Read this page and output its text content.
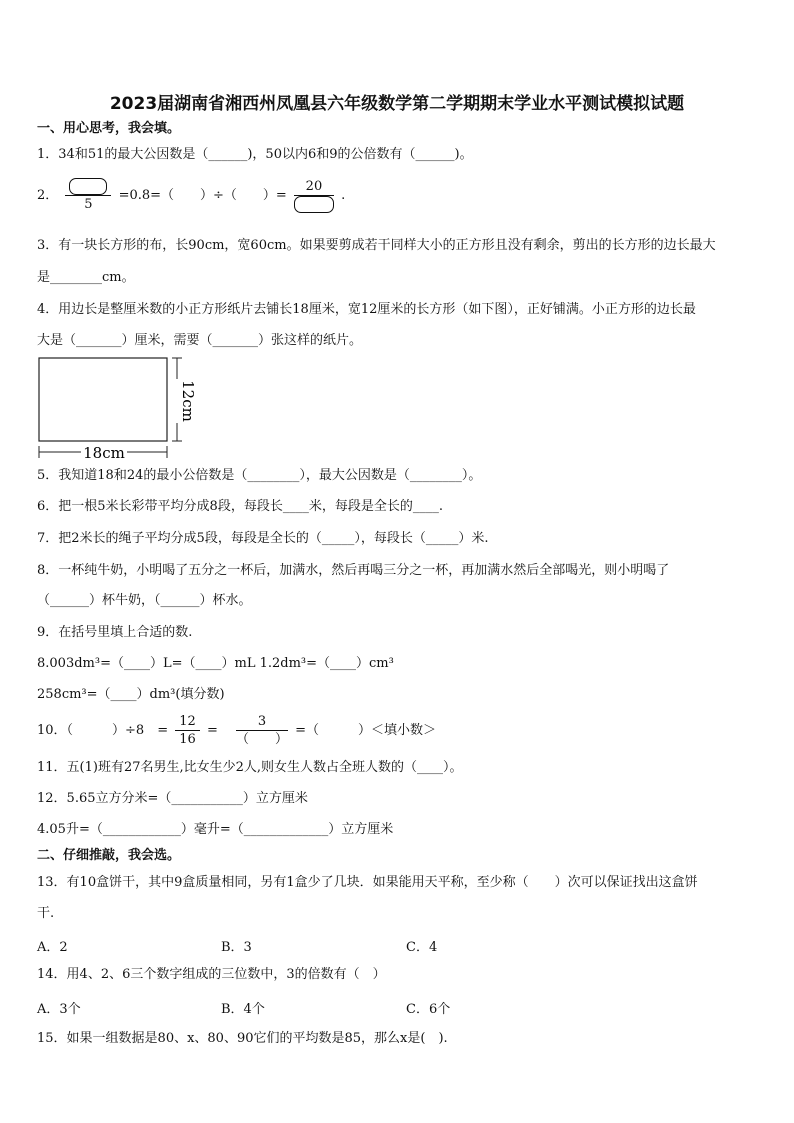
2023届湖南省湘西州凤凰县六年级数学第二学期期末学业水平测试模拟试题
一、用心思考，我会填。
1．34和51的最大公因数是（______)，50以内6和9的公倍数有（______)。
2．
5
=0.8=（　　）÷（　　）=
20
.
3．有一块长方形的布，长90cm，宽60cm。如果要剪成若干同样大小的正方形且没有剩余，剪出的长方形的边长最大
是________cm。
4．用边长是整厘米数的小正方形纸片去铺长18厘米，宽12厘米的长方形（如下图），正好铺满。小正方形的边长最
大是（_______）厘米，需要（_______）张这样的纸片。
18cm
12cm
5．我知道18和24的最小公倍数是（________），最大公因数是（________）。
6．把一根5米长彩带平均分成8段，每段长____米，每段是全长的____.
7．把2米长的绳子平均分成5段，每段是全长的（_____），每段长（_____）米.
8．一杯纯牛奶，小明喝了五分之一杯后，加满水，然后再喝三分之一杯，再加满水然后全部喝光，则小明喝了
（______）杯牛奶，（______）杯水。
9．在括号里填上合适的数.
8.003dm³=（____）L=（____）mL 1.2dm³=（____）cm³
258cm³=（____）dm³(填分数)
10．（　　　）÷8　= $\frac{12}{16} = \frac{3}{( )}$ =（　　　）＜填小数＞
11．五(1)班有27名男生,比女生少2人,则女生人数占全班人数的（____）。
12．5.65立方分米=（___________）立方厘米
4.05升=（____________）毫升=（_____________）立方厘米
二、仔细推敲，我会选。
13．有10盒饼干，其中9盒质量相同，另有1盒少了几块．如果能用天平称，至少称（　　）次可以保证找出这盒饼
干.
A．2	B．3	C．4
14．用4、2、6三个数字组成的三位数中，3的倍数有（　）
A．3个	B．4个	C．6个
15．如果一组数据是80、x、80、90它们的平均数是85，那么x是(　).
